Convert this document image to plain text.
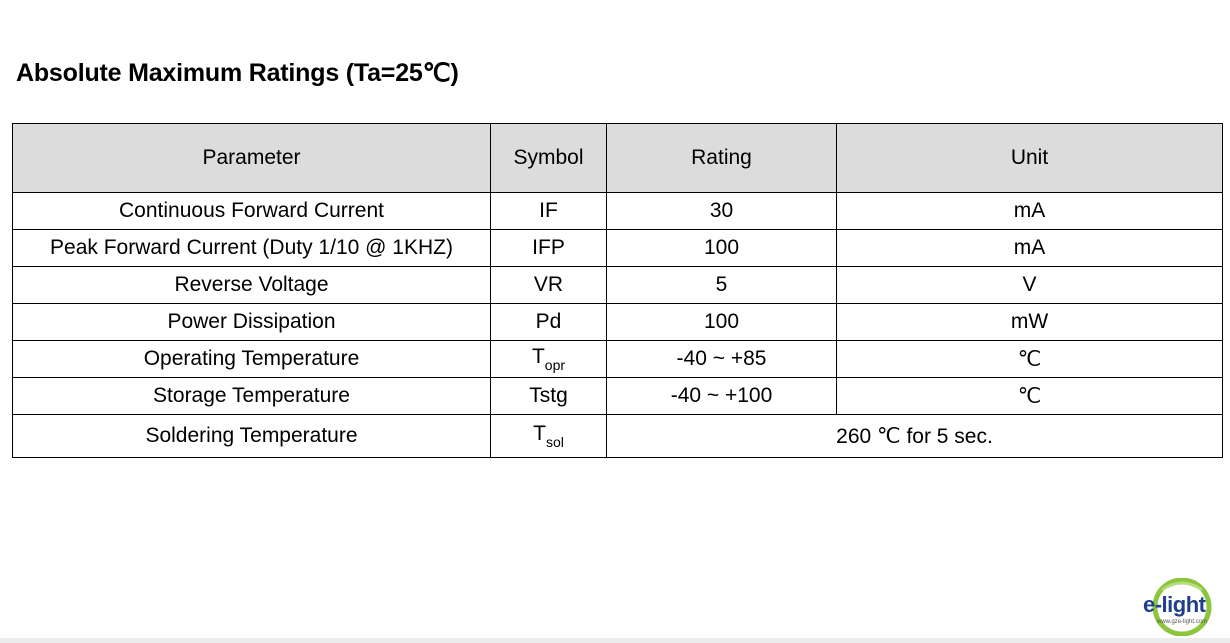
Absolute Maximum Ratings (Ta=25℃)
Parameter	Symbol	Rating	Unit
Continuous Forward Current	IF	30	mA
Peak Forward Current (Duty 1/10 @ 1KHZ)	IFP	100	mA
Reverse Voltage	VR	5	V
Power Dissipation	Pd	100	mW
Operating Temperature	$T_{opr}$	-40 ~ +85	℃
Storage Temperature	Tstg	-40 ~ +100	℃
Soldering Temperature	$T_{sol}$	260 ℃ for 5 sec.	
e-light
www.gze-light.com
